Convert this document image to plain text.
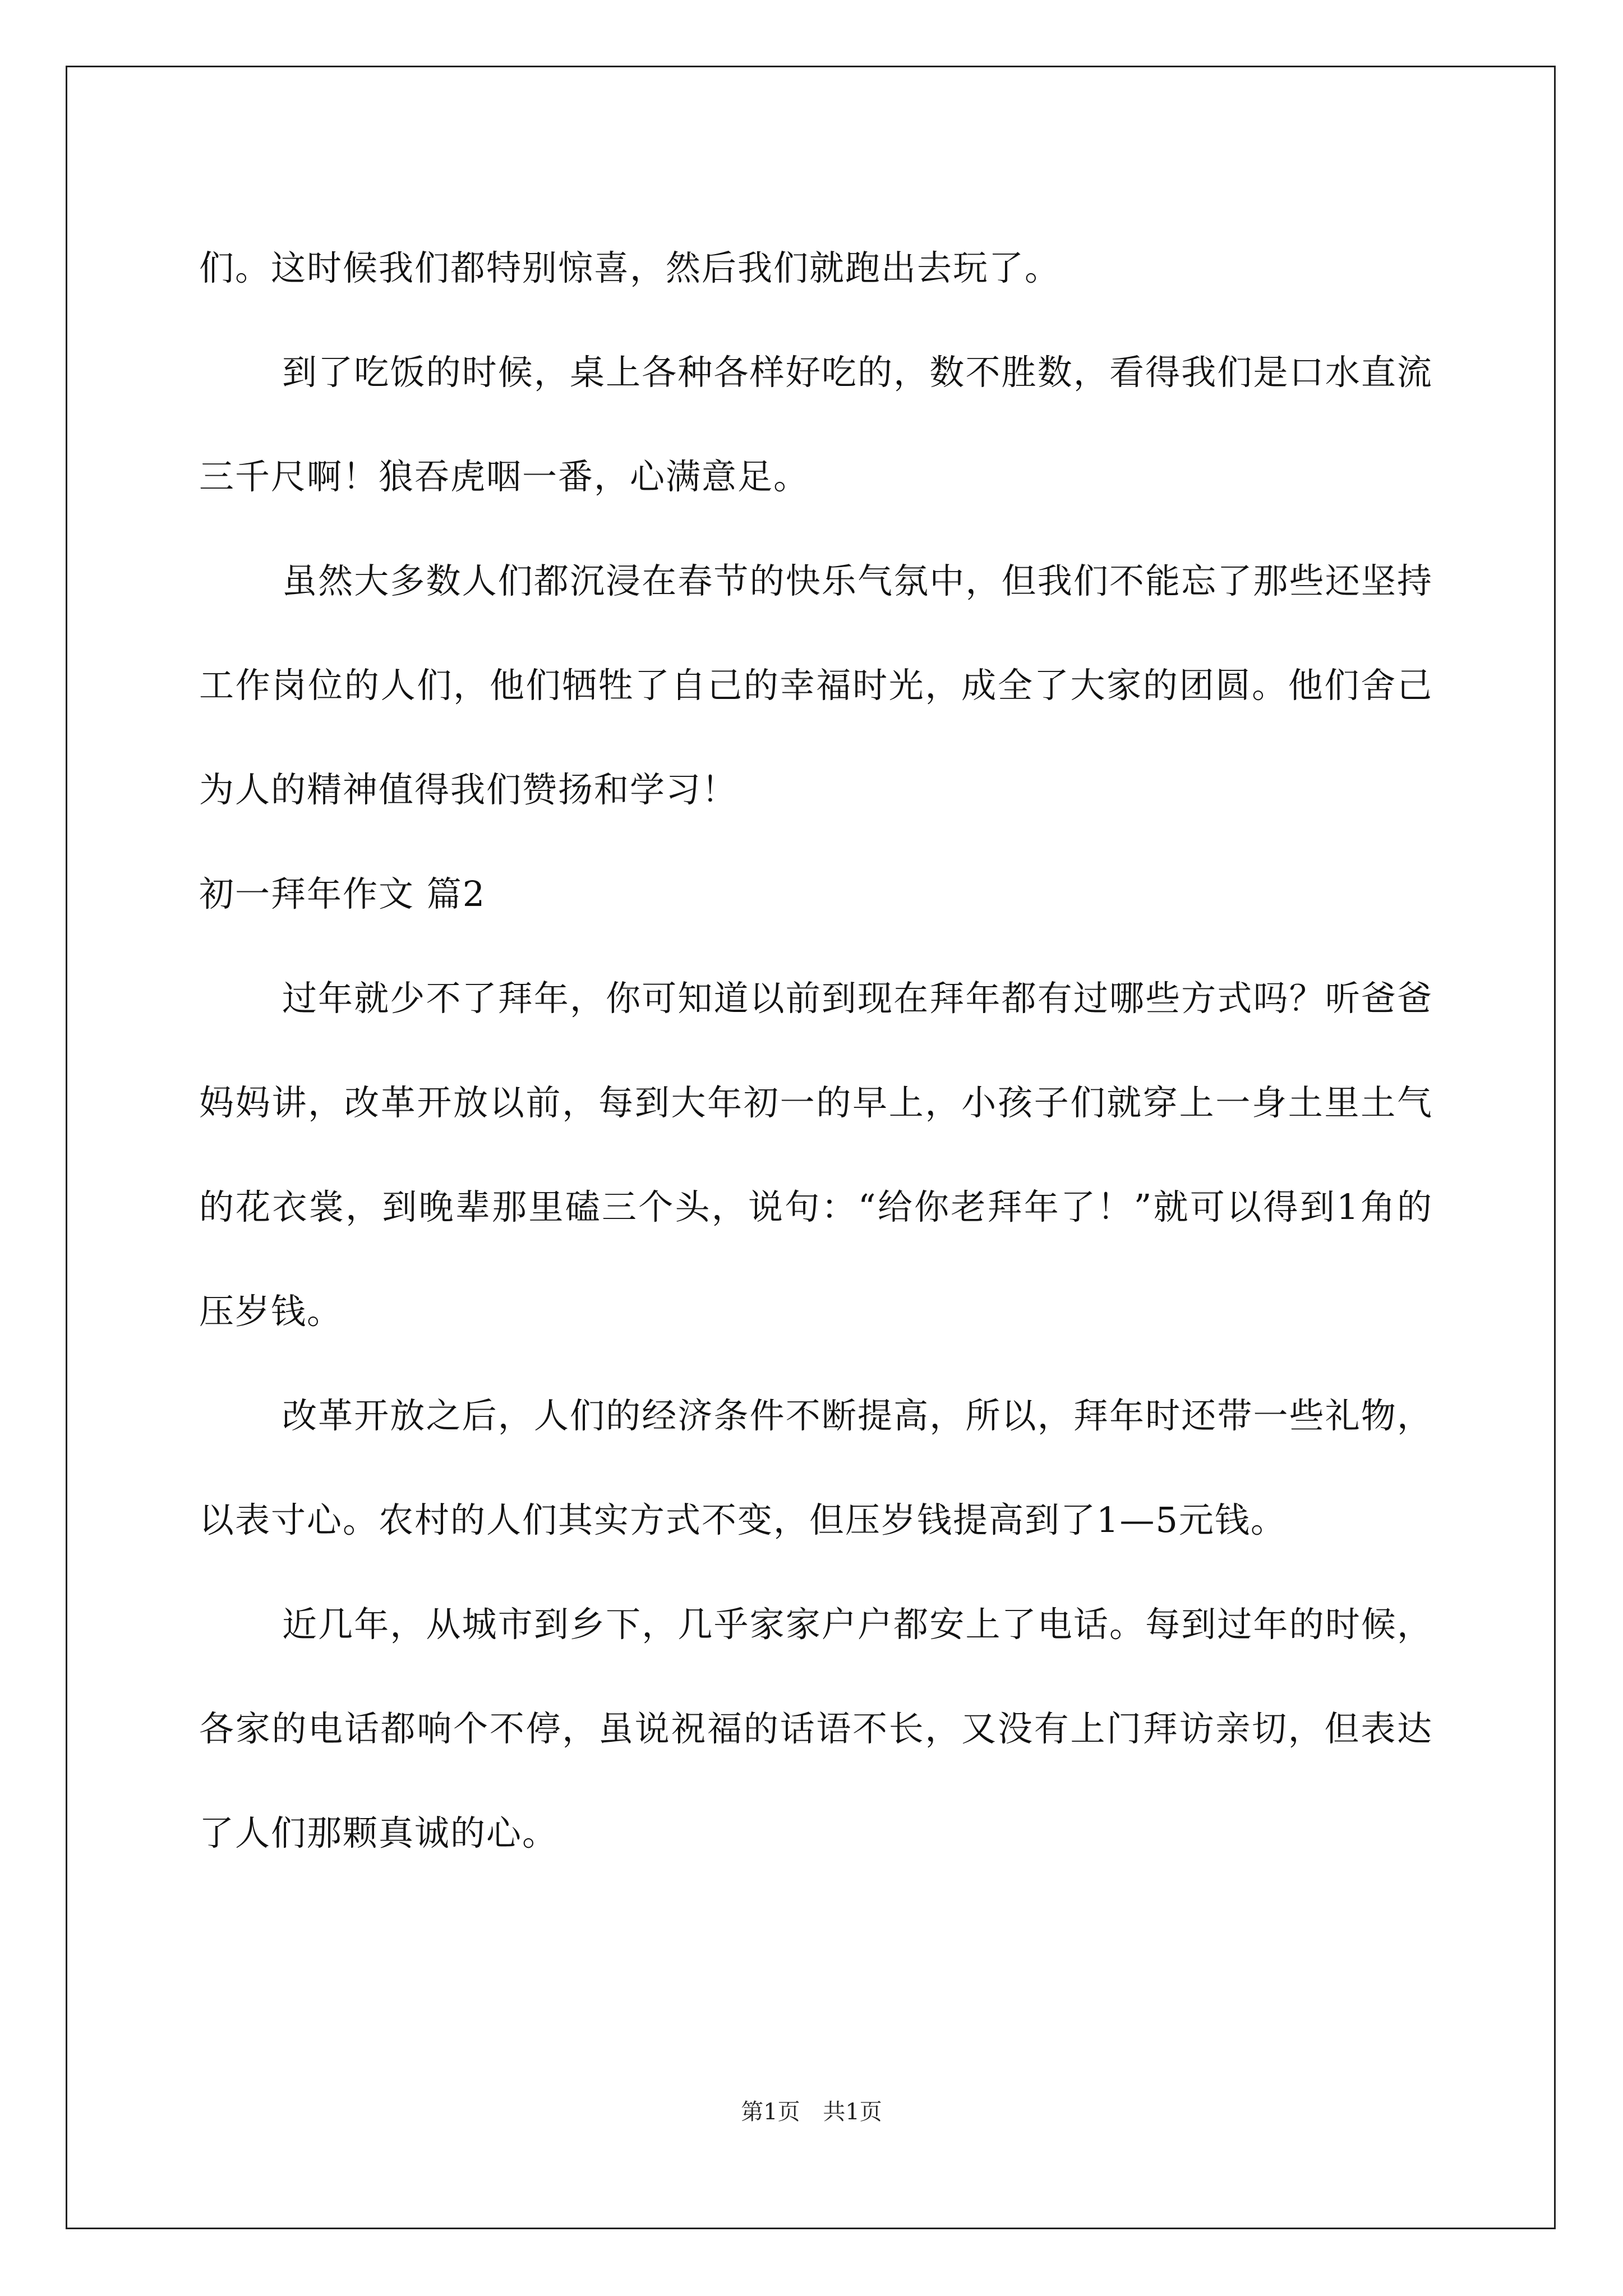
们。这时候我们都特别惊喜，然后我们就跑出去玩了。

到了吃饭的时候，桌上各种各样好吃的，数不胜数，看得我们是口水直流三千尺啊！狼吞虎咽一番，心满意足。

虽然大多数人们都沉浸在春节的快乐气氛中，但我们不能忘了那些还坚持工作岗位的人们，他们牺牲了自己的幸福时光，成全了大家的团圆。他们舍己为人的精神值得我们赞扬和学习！

初一拜年作文 篇2

过年就少不了拜年，你可知道以前到现在拜年都有过哪些方式吗？听爸爸妈妈讲，改革开放以前，每到大年初一的早上，小孩子们就穿上一身土里土气的花衣裳，到晚辈那里磕三个头，说句：“给你老拜年了！”就可以得到1角的压岁钱。

改革开放之后，人们的经济条件不断提高，所以，拜年时还带一些礼物，以表寸心。农村的人们其实方式不变，但压岁钱提高到了1—5元钱。

近几年，从城市到乡下，几乎家家户户都安上了电话。每到过年的时候，各家的电话都响个不停，虽说祝福的话语不长，又没有上门拜访亲切，但表达了人们那颗真诚的心。

第1页 共1页
